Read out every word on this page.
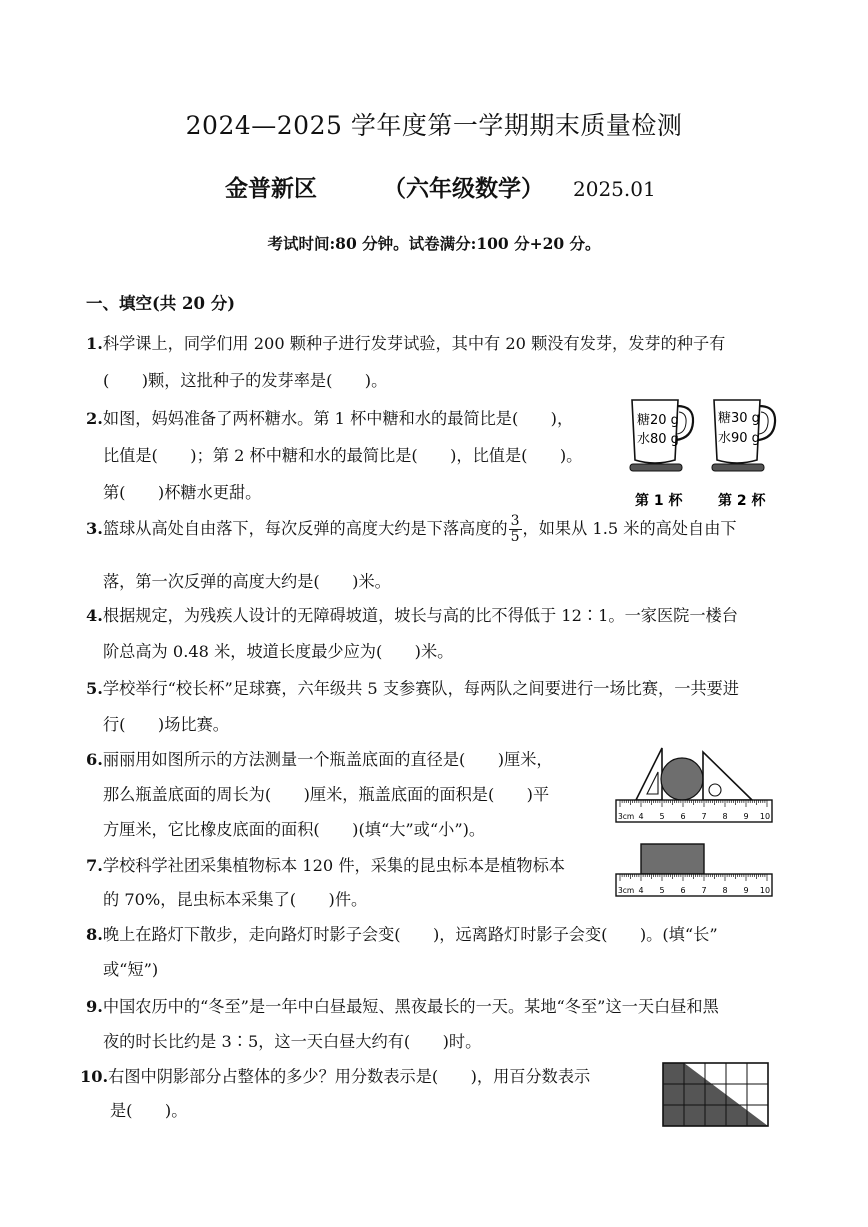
2024—2025 学年度第一学期期末质量检测
金普新区	（六年级数学） 2025.01
考试时间:80 分钟。试卷满分:100 分+20 分。
一、填空(共 20 分)
1.科学课上，同学们用 200 颗种子进行发芽试验，其中有 20 颗没有发芽，发芽的种子有
(　　)颗，这批种子的发芽率是(　　)。
2.如图，妈妈准备了两杯糖水。第 1 杯中糖和水的最简比是(　　)，
比值是(　　)；第 2 杯中糖和水的最简比是(　　)，比值是(　　)。
第(　　)杯糖水更甜。
糖20 g
水80 g
第 1 杯
糖30 g
水90 g
第 2 杯
3.篮球从高处自由落下，每次反弹的高度大约是下落高度的 $\frac{3}{5}$ ，如果从 1.5 米的高处自由下
落，第一次反弹的高度大约是(　　)米。
4.根据规定，为残疾人设计的无障碍坡道，坡长与高的比不得低于 12∶1。一家医院一楼台
阶总高为 0.48 米，坡道长度最少应为(　　)米。
5.学校举行“校长杯”足球赛，六年级共 5 支参赛队，每两队之间要进行一场比赛，一共要进
行(　　)场比赛。
6.丽丽用如图所示的方法测量一个瓶盖底面的直径是(　　)厘米，
那么瓶盖底面的周长为(　　)厘米，瓶盖底面的面积是(　　)平
方厘米，它比橡皮底面的面积(　　)(填“大”或“小”)。
3cm 4 5 6 7 8 9 10
7.学校科学社团采集植物标本 120 件，采集的昆虫标本是植物标本
的 70%，昆虫标本采集了(　　)件。	3cm 4 5 6 7 8 9 10
8.晚上在路灯下散步，走向路灯时影子会变(　　)，远离路灯时影子会变(　　)。(填“长”
或“短”)
9.中国农历中的“冬至”是一年中白昼最短、黑夜最长的一天。某地“冬至”这一天白昼和黑
夜的时长比约是 3∶5，这一天白昼大约有(　　)时。
10.右图中阴影部分占整体的多少？用分数表示是(　　)，用百分数表示
是(　　)。
